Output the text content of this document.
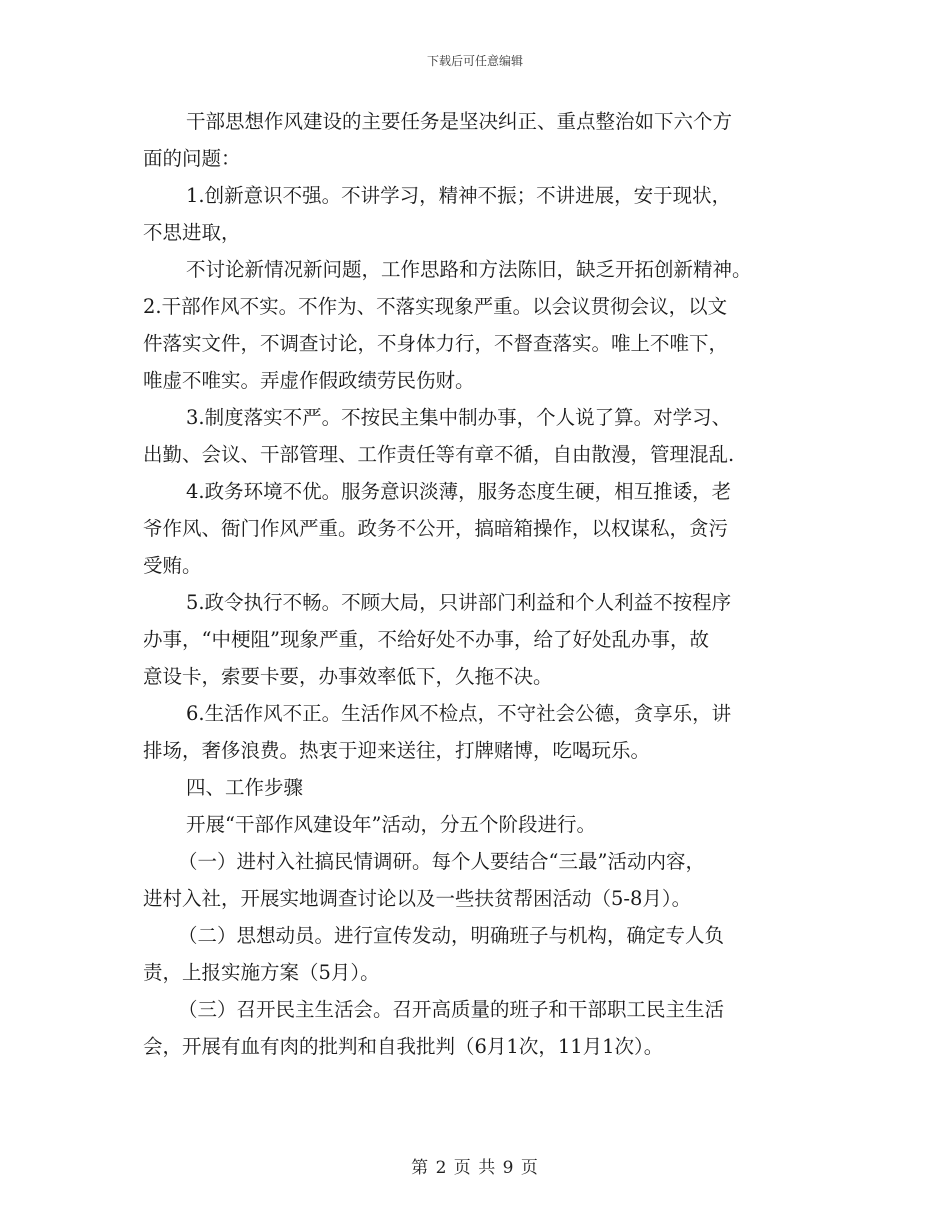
下载后可任意编辑
干部思想作风建设的主要任务是坚决纠正、重点整治如下六个方
面的问题：
1.创新意识不强。不讲学习，精神不振；不讲进展，安于现状，
不思进取，
不讨论新情况新问题，工作思路和方法陈旧，缺乏开拓创新精神。
2.干部作风不实。不作为、不落实现象严重。以会议贯彻会议，以文
件落实文件，不调查讨论，不身体力行，不督查落实。唯上不唯下，
唯虚不唯实。弄虚作假政绩劳民伤财。
3.制度落实不严。不按民主集中制办事，个人说了算。对学习、
出勤、会议、干部管理、工作责任等有章不循，自由散漫，管理混乱.
4.政务环境不优。服务意识淡薄，服务态度生硬，相互推诿，老
爷作风、衙门作风严重。政务不公开，搞暗箱操作，以权谋私，贪污
受贿。
5.政令执行不畅。不顾大局，只讲部门利益和个人利益不按程序
办事，“中梗阻”现象严重，不给好处不办事，给了好处乱办事，故
意设卡，索要卡要，办事效率低下，久拖不决。
6.生活作风不正。生活作风不检点，不守社会公德，贪享乐，讲
排场，奢侈浪费。热衷于迎来送往，打牌赌博，吃喝玩乐。
四、工作步骤
开展“干部作风建设年”活动，分五个阶段进行。
（一）进村入社搞民情调研。每个人要结合“三最”活动内容，
进村入社，开展实地调查讨论以及一些扶贫帮困活动（5-8月）。
（二）思想动员。进行宣传发动，明确班子与机构，确定专人负
责，上报实施方案（5月）。
（三）召开民主生活会。召开高质量的班子和干部职工民主生活
会，开展有血有肉的批判和自我批判（6月1次，11月1次）。
第 2 页 共 9 页
